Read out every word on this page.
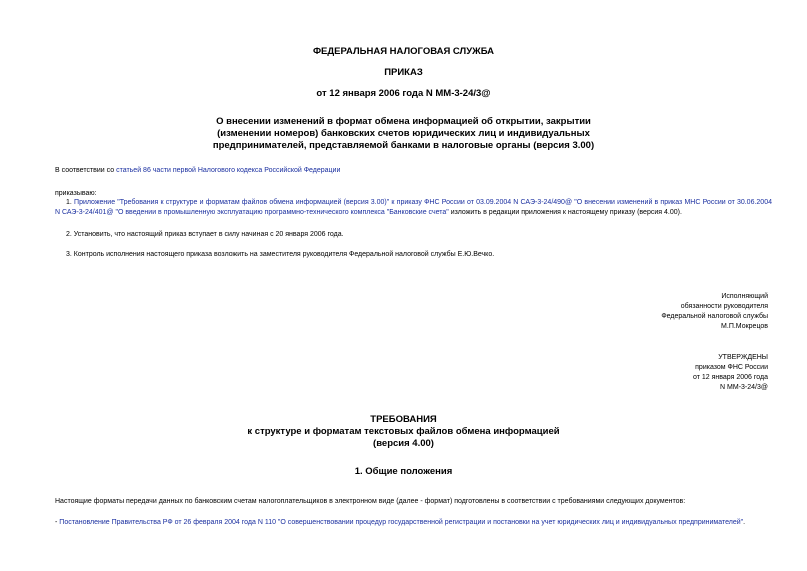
ФЕДЕРАЛЬНАЯ НАЛОГОВАЯ СЛУЖБА
ПРИКАЗ
от 12 января 2006 года N ММ-3-24/3@
О внесении изменений в формат обмена информацией об открытии, закрытии
(изменении номеров) банковских счетов юридических лиц и индивидуальных
предпринимателей, представляемой банками в налоговые органы (версия 3.00)
В соответствии со статьей 86 части первой Налогового кодекса Российской Федерации
приказываю:
1. Приложение "Требования к структуре и форматам файлов обмена информацией (версия 3.00)" к приказу ФНС России от 03.09.2004 N САЭ-3-24/490@ "О внесении изменений в приказ МНС России от 30.06.2004 N САЭ-3-24/401@ "О введении в промышленную эксплуатацию программно-технического комплекса "Банковские счета" изложить в редакции приложения к настоящему приказу (версия 4.00).
2. Установить, что настоящий приказ вступает в силу начиная с 20 января 2006 года.
3. Контроль исполнения настоящего приказа возложить на заместителя руководителя Федеральной налоговой службы Е.Ю.Вечко.
Исполняющий
обязанности руководителя
Федеральной налоговой службы
М.П.Мокрецов
УТВЕРЖДЕНЫ
приказом ФНС России
от 12 января 2006 года
N ММ-3-24/3@
ТРЕБОВАНИЯ
к структуре и форматам текстовых файлов обмена информацией
(версия 4.00)
1. Общие положения
Настоящие форматы передачи данных по банковским счетам налогоплательщиков в электронном виде (далее - формат) подготовлены в соответствии с требованиями следующих документов:
- Постановление Правительства РФ от 26 февраля 2004 года N 110 "О совершенствовании процедур государственной регистрации и постановки на учет юридических лиц и индивидуальных предпринимателей".
